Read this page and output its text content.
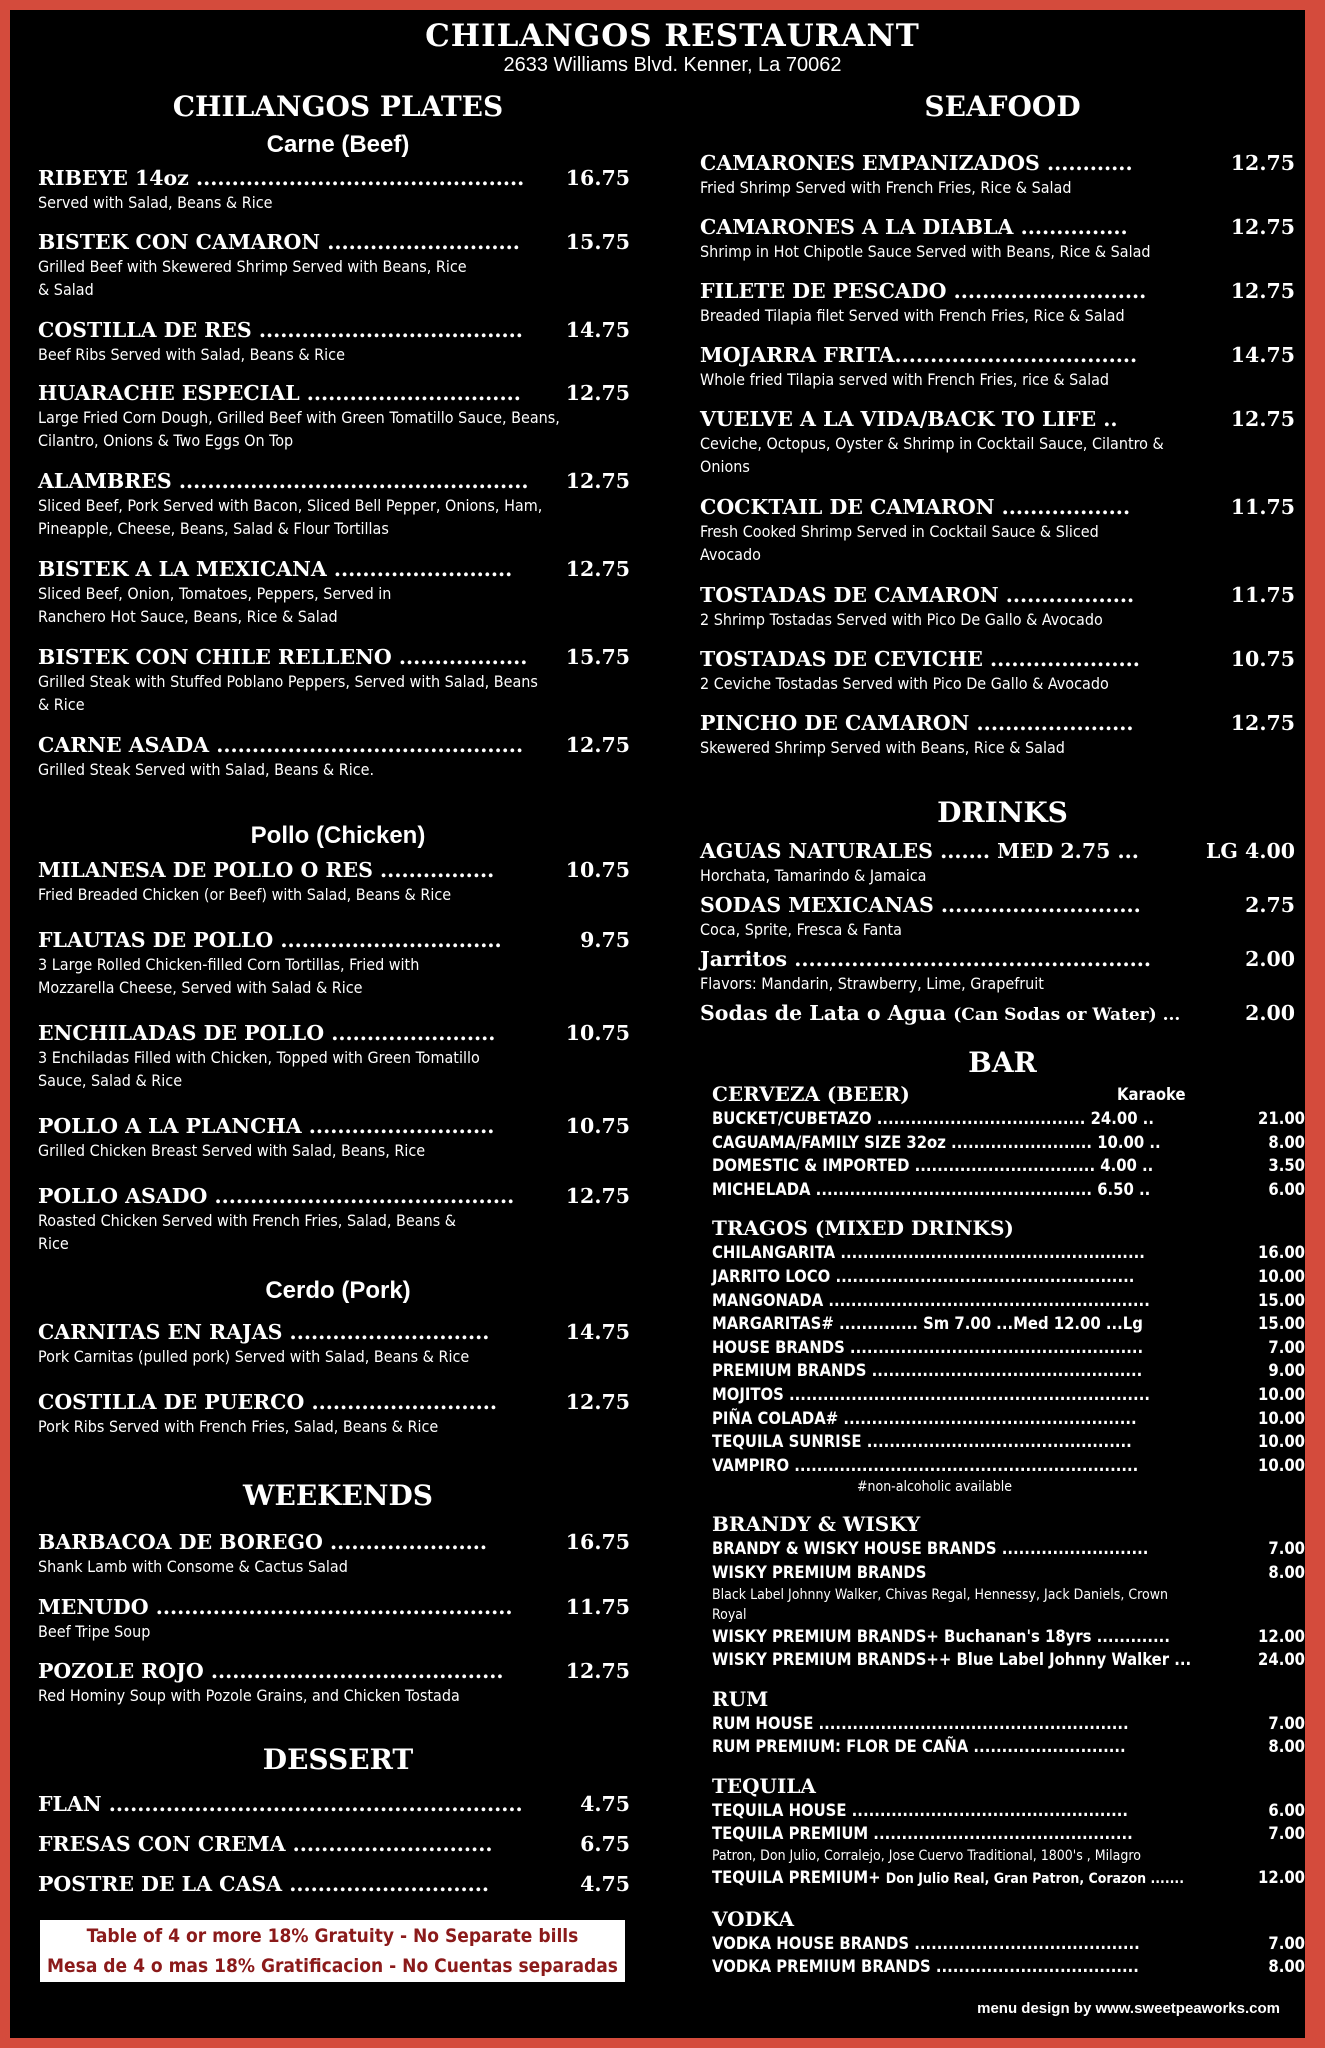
CHILANGOS RESTAURANT
2633 Williams Blvd. Kenner, La 70062
CHILANGOS PLATES
Carne (Beef)
RIBEYE 14oz ..............................................	16.75
Served with Salad, Beans & Rice
BISTEK CON CAMARON ...........................	15.75
Grilled Beef with Skewered Shrimp Served with Beans, Rice & Salad
COSTILLA DE RES .....................................	14.75
Beef Ribs Served with Salad, Beans & Rice
HUARACHE ESPECIAL ..............................	12.75
Large Fried Corn Dough, Grilled Beef with Green Tomatillo Sauce, Beans, Cilantro, Onions & Two Eggs On Top
ALAMBRES .................................................	12.75
Sliced Beef, Pork Served with Bacon, Sliced Bell Pepper, Onions, Ham, Pineapple, Cheese, Beans, Salad & Flour Tortillas
BISTEK A LA MEXICANA .........................	12.75
Sliced Beef, Onion, Tomatoes, Peppers, Served in Ranchero Hot Sauce, Beans, Rice & Salad
BISTEK CON CHILE RELLENO ..................	15.75
Grilled Steak with Stuffed Poblano Peppers, Served with Salad, Beans & Rice
CARNE ASADA ...........................................	12.75
Grilled Steak Served with Salad, Beans & Rice.
Pollo (Chicken)
MILANESA DE POLLO O RES ................	10.75
Fried Breaded Chicken (or Beef) with Salad, Beans & Rice
FLAUTAS DE POLLO ...............................	9.75
3 Large Rolled Chicken-filled Corn Tortillas, Fried with Mozzarella Cheese, Served with Salad & Rice
ENCHILADAS DE POLLO .......................	10.75
3 Enchiladas Filled with Chicken, Topped with Green Tomatillo Sauce, Salad & Rice
POLLO A LA PLANCHA ..........................	10.75
Grilled Chicken Breast Served with Salad, Beans, Rice
POLLO ASADO ..........................................	12.75
Roasted Chicken Served with French Fries, Salad, Beans & Rice
Cerdo (Pork)
CARNITAS EN RAJAS ............................	14.75
Pork Carnitas (pulled pork) Served with Salad, Beans & Rice
COSTILLA DE PUERCO ..........................	12.75
Pork Ribs Served with French Fries, Salad, Beans & Rice
WEEKENDS
BARBACOA DE BOREGO ......................	16.75
Shank Lamb with Consome & Cactus Salad
MENUDO ..................................................	11.75
Beef Tripe Soup
POZOLE ROJO .........................................	12.75
Red Hominy Soup with Pozole Grains, and Chicken Tostada
DESSERT
FLAN ..........................................................	4.75
FRESAS CON CREMA ............................	6.75
POSTRE DE LA CASA ............................	4.75
Table of 4 or more 18% Gratuity - No Separate bills
Mesa de 4 o mas 18% Gratificacion - No Cuentas separadas
SEAFOOD
CAMARONES EMPANIZADOS ............	12.75
Fried Shrimp Served with French Fries, Rice & Salad
CAMARONES A LA DIABLA ...............	12.75
Shrimp in Hot Chipotle Sauce Served with Beans, Rice & Salad
FILETE DE PESCADO ...........................	12.75
Breaded Tilapia filet Served with French Fries, Rice & Salad
MOJARRA FRITA..................................	14.75
Whole fried Tilapia served with French Fries, rice & Salad
VUELVE A LA VIDA/BACK TO LIFE ..	12.75
Ceviche, Octopus, Oyster & Shrimp in Cocktail Sauce, Cilantro & Onions
COCKTAIL DE CAMARON ..................	11.75
Fresh Cooked Shrimp Served in Cocktail Sauce & Sliced Avocado
TOSTADAS DE CAMARON ..................	11.75
2 Shrimp Tostadas Served with Pico De Gallo & Avocado
TOSTADAS DE CEVICHE .....................	10.75
2 Ceviche Tostadas Served with Pico De Gallo & Avocado
PINCHO DE CAMARON ......................	12.75
Skewered Shrimp Served with Beans, Rice & Salad
DRINKS
AGUAS NATURALES ....... MED 2.75 ...	LG 4.00
Horchata, Tamarindo & Jamaica
SODAS MEXICANAS ............................	2.75
Coca, Sprite, Fresca & Fanta
Jarritos ..................................................	2.00
Flavors: Mandarin, Strawberry, Lime, Grapefruit
Sodas de Lata o Agua (Can Sodas or Water) ...	2.00
BAR
CERVEZA (BEER)	Karaoke
BUCKET/CUBETAZO ..................................... 24.00 ..	21.00
CAGUAMA/FAMILY SIZE 32oz ......................... 10.00 ..	8.00
DOMESTIC & IMPORTED ................................ 4.00 ..	3.50
MICHELADA ................................................. 6.50 ..	6.00
TRAGOS (MIXED DRINKS)
CHILANGARITA ......................................................	16.00
JARRITO LOCO .....................................................	10.00
MANGONADA .........................................................	15.00
MARGARITAS# .............. Sm 7.00 ...Med 12.00 ...Lg	15.00
HOUSE BRANDS ....................................................	7.00
PREMIUM BRANDS ................................................	9.00
MOJITOS ................................................................	10.00
PIÑA COLADA# ....................................................	10.00
TEQUILA SUNRISE ...............................................	10.00
VAMPIRO .............................................................	10.00
#non-alcoholic available
BRANDY & WISKY
BRANDY & WISKY HOUSE BRANDS ..........................	7.00
WISKY PREMIUM BRANDS	8.00
Black Label Johnny Walker, Chivas Regal, Hennessy, Jack Daniels, Crown Royal
WISKY PREMIUM BRANDS+ Buchanan's 18yrs .............	12.00
WISKY PREMIUM BRANDS++ Blue Label Johnny Walker ...	24.00
RUM
RUM HOUSE .......................................................	7.00
RUM PREMIUM: FLOR DE CAÑA ...........................	8.00
TEQUILA
TEQUILA HOUSE .................................................	6.00
TEQUILA PREMIUM ..............................................	7.00
Patron, Don Julio, Corralejo, Jose Cuervo Traditional, 1800's , Milagro
TEQUILA PREMIUM+ Don Julio Real, Gran Patron, Corazon .......	12.00
VODKA
VODKA HOUSE BRANDS ........................................	7.00
VODKA PREMIUM BRANDS ....................................	8.00
menu design by www.sweetpeaworks.com
